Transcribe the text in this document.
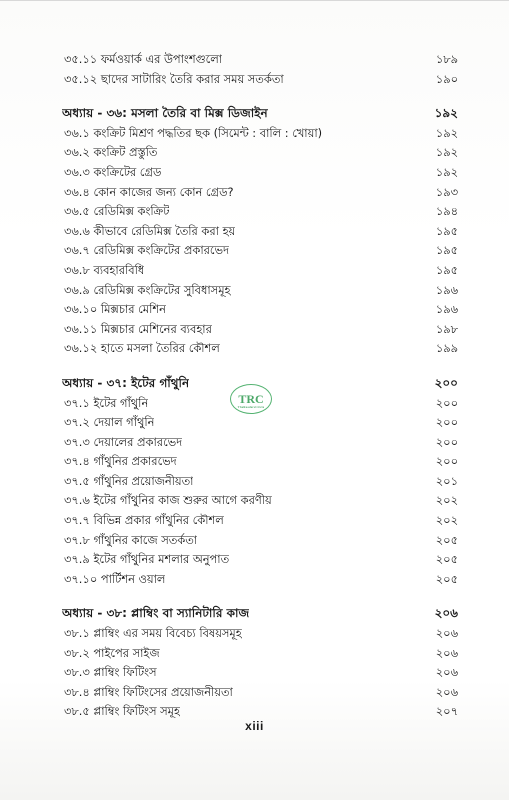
৩৫.১১ ফর্মওয়ার্ক এর উপাংশগুলো	১৮৯
৩৫.১২ ছাদের সাটারিং তৈরি করার সময় সতর্কতা	১৯০
অধ্যায় - ৩৬: মসলা তৈরি বা মিক্স ডিজাইন	১৯২
৩৬.১ কংক্রিট মিশ্রণ পদ্ধতির ছক (সিমেন্ট : বালি : খোয়া)	১৯২
৩৬.২ কংক্রিট প্রস্তুতি	১৯২
৩৬.৩ কংক্রিটের গ্রেড	১৯২
৩৬.৪ কোন কাজের জন্য কোন গ্রেড?	১৯৩
৩৬.৫ রেডিমিক্স কংক্রিট	১৯৪
৩৬.৬ কীভাবে রেডিমিক্স তৈরি করা হয়	১৯৫
৩৬.৭ রেডিমিক্স কংক্রিটের প্রকারভেদ	১৯৫
৩৬.৮ ব্যবহারবিধি	১৯৫
৩৬.৯ রেডিমিক্স কংক্রিটের সুবিধাসমূহ	১৯৬
৩৬.১০ মিক্সচার মেশিন	১৯৬
৩৬.১১ মিক্সচার মেশিনের ব্যবহার	১৯৮
৩৬.১২ হাতে মসলা তৈরির কৌশল	১৯৯
অধ্যায় - ৩৭: ইটের গাঁথুনি	২০০
৩৭.১ ইটের গাঁথুনি	২০০
৩৭.২ দেয়াল গাঁথুনি	২০০
৩৭.৩ দেয়ালের প্রকারভেদ	২০০
৩৭.৪ গাঁথুনির প্রকারভেদ	২০০
৩৭.৫ গাঁথুনির প্রয়োজনীয়তা	২০১
৩৭.৬ ইটের গাঁথুনির কাজ শুরুর আগে করণীয়	২০২
৩৭.৭ বিভিন্ন প্রকার গাঁথুনির কৌশল	২০২
৩৭.৮ গাঁথুনির কাজে সতর্কতা	২০৫
৩৭.৯ ইটের গাঁথুনির মশলার অনুপাত	২০৫
৩৭.১০ পার্টিশন ওয়াল	২০৫
অধ্যায় - ৩৮: প্লাম্বিং বা স্যানিটারি কাজ	২০৬
৩৮.১ প্লাম্বিং এর সময় বিবেচ্য বিষয়সমূহ	২০৬
৩৮.২ পাইপের সাইজ	২০৬
৩৮.৩ প্লাম্বিং ফিটিংস	২০৬
৩৮.৪ প্লাম্বিং ফিটিংসের প্রয়োজনীয়তা	২০৬
৩৮.৫ প্লাম্বিং ফিটিংস সমূহ	২০৭
TRC
TheReadersCircle
xiii
